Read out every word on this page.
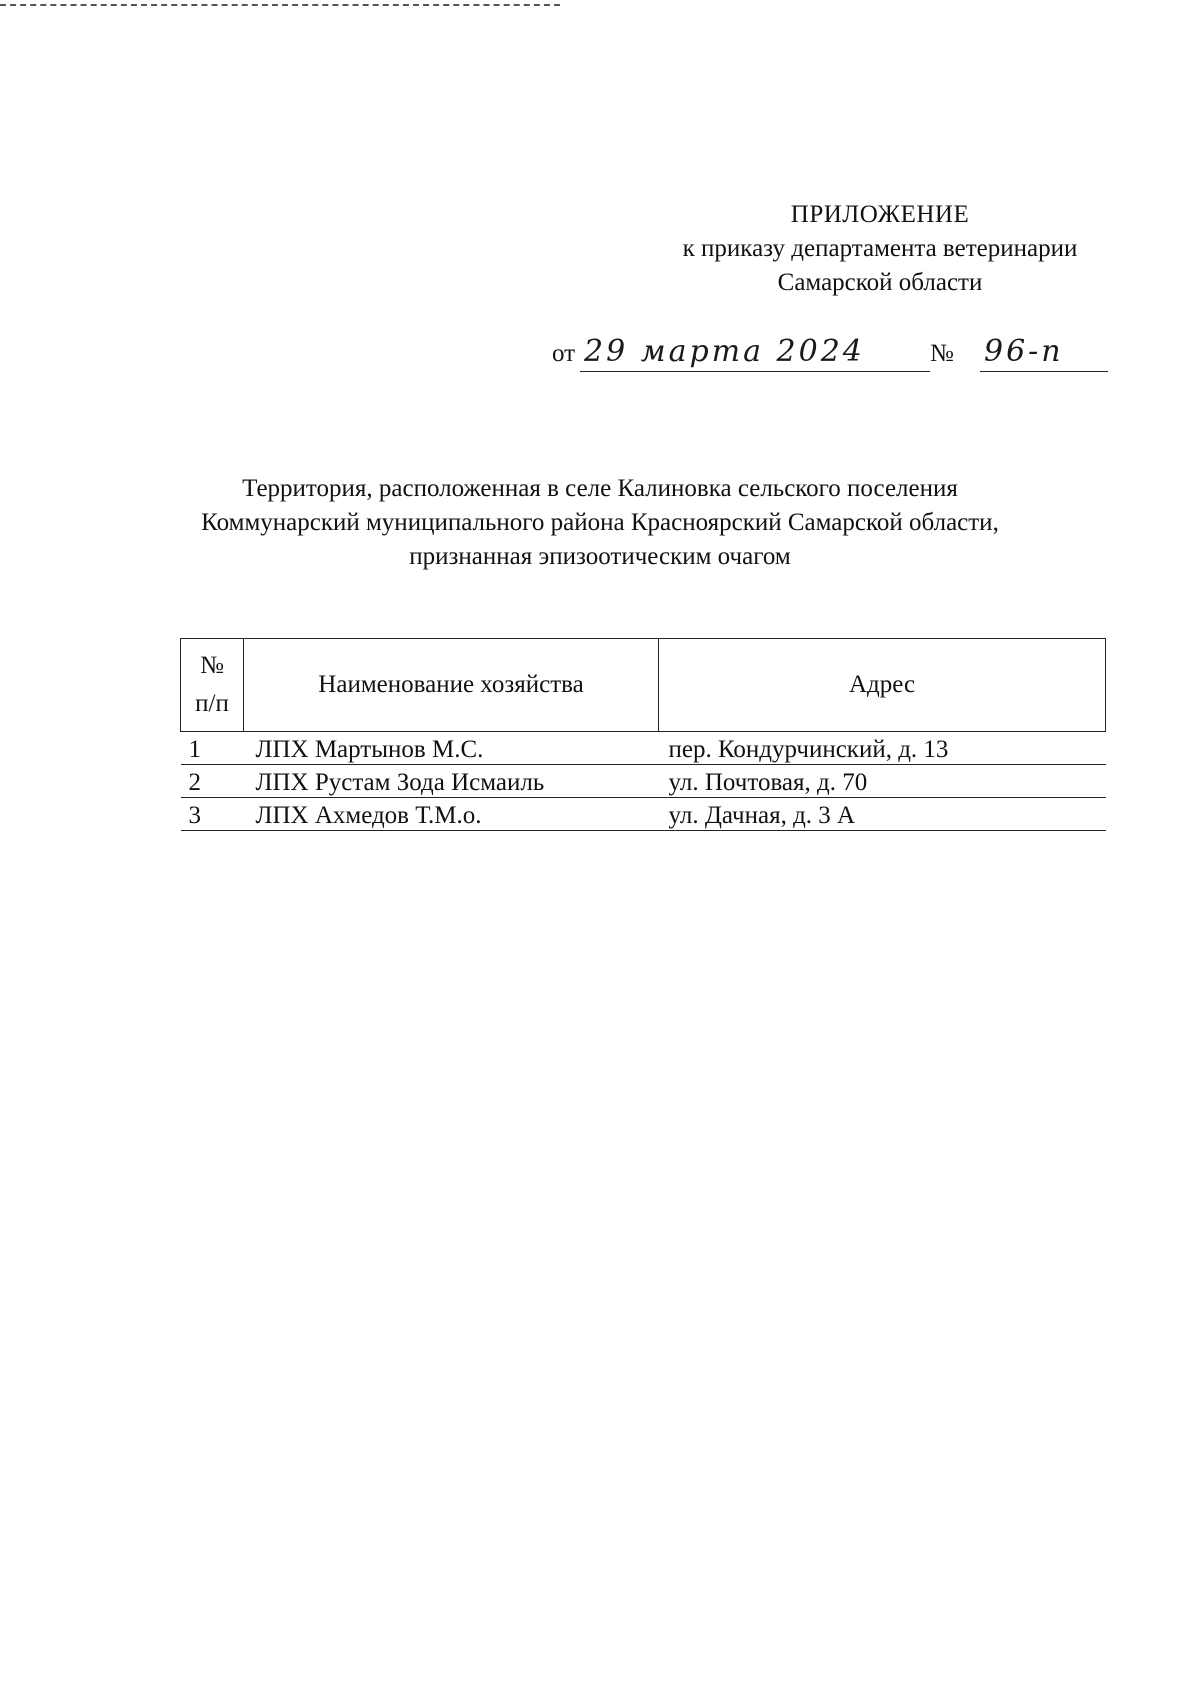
ПРИЛОЖЕНИЕ
к приказу департамента ветеринарии
Самарской области
от 29 марта 2024	№ 96-п
Территория, расположенная в селе Калиновка сельского поселения
Коммунарский муниципального района Красноярский Самарской области,
признанная эпизоотическим очагом
№
п/п	Наименование хозяйства	Адрес
1	ЛПХ Мартынов М.С.	пер. Кондурчинский, д. 13
2	ЛПХ Рустам Зода Исмаиль	ул. Почтовая, д. 70
3	ЛПХ Ахмедов Т.М.о.	ул. Дачная, д. 3 А
